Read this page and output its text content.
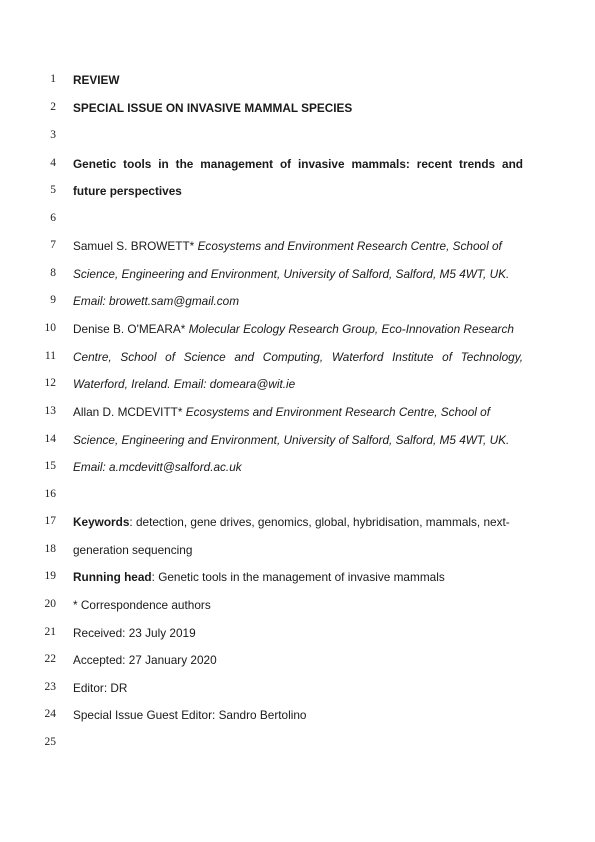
1 REVIEW
2 SPECIAL ISSUE ON INVASIVE MAMMAL SPECIES
3
4 Genetic tools in the management of invasive mammals: recent trends and
5 future perspectives
6
7 Samuel S. BROWETT* Ecosystems and Environment Research Centre, School of
8 Science, Engineering and Environment, University of Salford, Salford, M5 4WT, UK.
9 Email: browett.sam@gmail.com
10 Denise B. O'MEARA* Molecular Ecology Research Group, Eco-Innovation Research
11 Centre, School of Science and Computing, Waterford Institute of Technology,
12 Waterford, Ireland. Email: domeara@wit.ie
13 Allan D. MCDEVITT* Ecosystems and Environment Research Centre, School of
14 Science, Engineering and Environment, University of Salford, Salford, M5 4WT, UK.
15 Email: a.mcdevitt@salford.ac.uk
16
17 Keywords: detection, gene drives, genomics, global, hybridisation, mammals, next-
18 generation sequencing
19 Running head: Genetic tools in the management of invasive mammals
20 * Correspondence authors
21 Received: 23 July 2019
22 Accepted: 27 January 2020
23 Editor: DR
24 Special Issue Guest Editor: Sandro Bertolino
25
